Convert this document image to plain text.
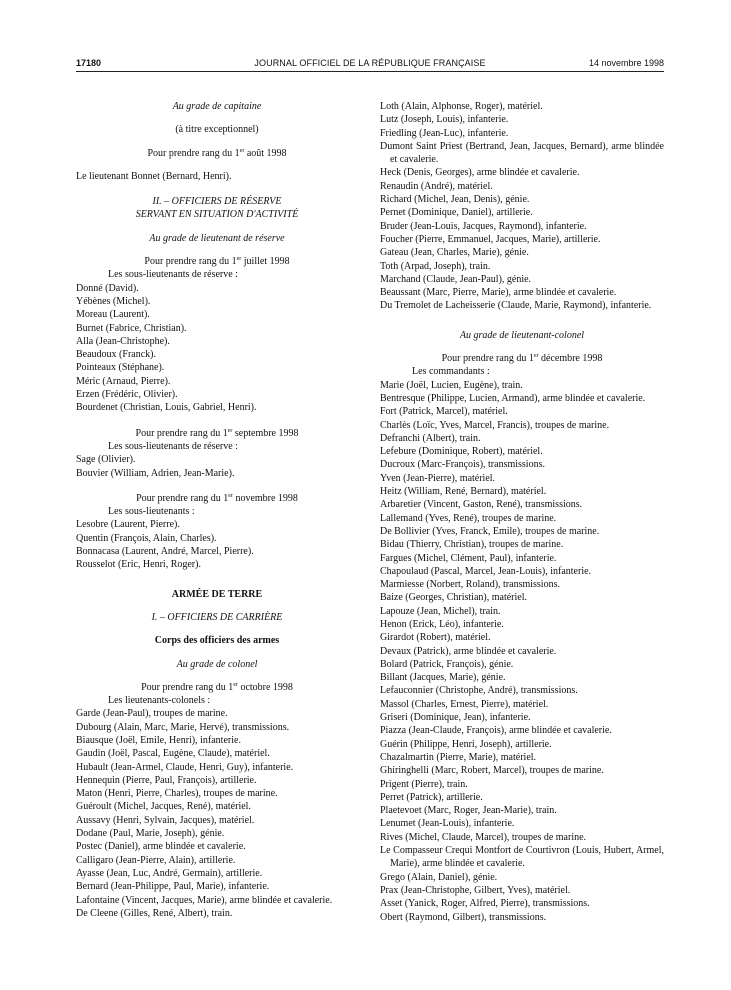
17180	JOURNAL OFFICIEL DE LA RÉPUBLIQUE FRANÇAISE	14 novembre 1998

Au grade de capitaine

(à titre exceptionnel)

Pour prendre rang du 1er août 1998

Le lieutenant Bonnet (Bernard, Henri).

II. – OFFICIERS DE RÉSERVE

SERVANT EN SITUATION D'ACTIVITÉ

Au grade de lieutenant de réserve

Pour prendre rang du 1er juillet 1998

Les sous-lieutenants de réserve :

Donné (David).

Yébènes (Michel).

Moreau (Laurent).

Burnet (Fabrice, Christian).

Alla (Jean-Christophe).

Beaudoux (Franck).

Pointeaux (Stéphane).

Méric (Arnaud, Pierre).

Erzen (Frédéric, Olivier).

Bourdenet (Christian, Louis, Gabriel, Henri).

Pour prendre rang du 1er septembre 1998

Les sous-lieutenants de réserve :

Sage (Olivier).

Bouvier (William, Adrien, Jean-Marie).

Pour prendre rang du 1er novembre 1998

Les sous-lieutenants :

Lesobre (Laurent, Pierre).

Quentin (François, Alain, Charles).

Bonnacasa (Laurent, André, Marcel, Pierre).

Rousselot (Eric, Henri, Roger).

ARMÉE DE TERRE

I. – OFFICIERS DE CARRIÈRE

Corps des officiers des armes

Au grade de colonel

Pour prendre rang du 1er octobre 1998

Les lieutenants-colonels :

Garde (Jean-Paul), troupes de marine.

Dubourg (Alain, Marc, Marie, Hervé), transmissions.

Biausque (Joël, Emile, Henri), infanterie.

Gaudin (Joël, Pascal, Eugène, Claude), matériel.

Hubault (Jean-Armel, Claude, Henri, Guy), infanterie.

Hennequin (Pierre, Paul, François), artillerie.

Maton (Henri, Pierre, Charles), troupes de marine.

Guéroult (Michel, Jacques, René), matériel.

Aussavy (Henri, Sylvain, Jacques), matériel.

Dodane (Paul, Marie, Joseph), génie.

Postec (Daniel), arme blindée et cavalerie.

Calligaro (Jean-Pierre, Alain), artillerie.

Ayasse (Jean, Luc, André, Germain), artillerie.

Bernard (Jean-Philippe, Paul, Marie), infanterie.

Lafontaine (Vincent, Jacques, Marie), arme blindée et cavalerie.

De Cleene (Gilles, René, Albert), train.

Loth (Alain, Alphonse, Roger), matériel.

Lutz (Joseph, Louis), infanterie.

Friedling (Jean-Luc), infanterie.

Dumont Saint Priest (Bertrand, Jean, Jacques, Bernard), arme blindée et cavalerie.

Heck (Denis, Georges), arme blindée et cavalerie.

Renaudin (André), matériel.

Richard (Michel, Jean, Denis), génie.

Pernet (Dominique, Daniel), artillerie.

Bruder (Jean-Louis, Jacques, Raymond), infanterie.

Foucher (Pierre, Emmanuel, Jacques, Marie), artillerie.

Gateau (Jean, Charles, Marie), génie.

Toth (Arpad, Joseph), train.

Marchand (Claude, Jean-Paul), génie.

Beaussant (Marc, Pierre, Marie), arme blindée et cavalerie.

Du Tremolet de Lacheisserie (Claude, Marie, Raymond), infanterie.

Au grade de lieutenant-colonel

Pour prendre rang du 1er décembre 1998

Les commandants :

Marie (Joël, Lucien, Eugène), train.

Bentresque (Philippe, Lucien, Armand), arme blindée et cavalerie.

Fort (Patrick, Marcel), matériel.

Charlès (Loïc, Yves, Marcel, Francis), troupes de marine.

Defranchi (Albert), train.

Lefebure (Dominique, Robert), matériel.

Ducroux (Marc-François), transmissions.

Yven (Jean-Pierre), matériel.

Heitz (William, René, Bernard), matériel.

Arbaretier (Vincent, Gaston, René), transmissions.

Lallemand (Yves, René), troupes de marine.

De Bollivier (Yves, Franck, Emile), troupes de marine.

Bidau (Thierry, Christian), troupes de marine.

Fargues (Michel, Clément, Paul), infanterie.

Chapoulaud (Pascal, Marcel, Jean-Louis), infanterie.

Marmiesse (Norbert, Roland), transmissions.

Baize (Georges, Christian), matériel.

Lapouze (Jean, Michel), train.

Henon (Erick, Léo), infanterie.

Girardot (Robert), matériel.

Devaux (Patrick), arme blindée et cavalerie.

Bolard (Patrick, François), génie.

Billant (Jacques, Marie), génie.

Lefauconnier (Christophe, André), transmissions.

Massol (Charles, Ernest, Pierre), matériel.

Griseri (Dominique, Jean), infanterie.

Piazza (Jean-Claude, François), arme blindée et cavalerie.

Guérin (Philippe, Henri, Joseph), artillerie.

Chazalmartin (Pierre, Marie), matériel.

Ghiringhelli (Marc, Robert, Marcel), troupes de marine.

Prigent (Pierre), train.

Perret (Patrick), artillerie.

Plaetevoet (Marc, Roger, Jean-Marie), train.

Lenumet (Jean-Louis), infanterie.

Rives (Michel, Claude, Marcel), troupes de marine.

Le Compasseur Crequi Montfort de Courtivron (Louis, Hubert, Armel, Marie), arme blindée et cavalerie.

Grego (Alain, Daniel), génie.

Prax (Jean-Christophe, Gilbert, Yves), matériel.

Asset (Yanick, Roger, Alfred, Pierre), transmissions.

Obert (Raymond, Gilbert), transmissions.
